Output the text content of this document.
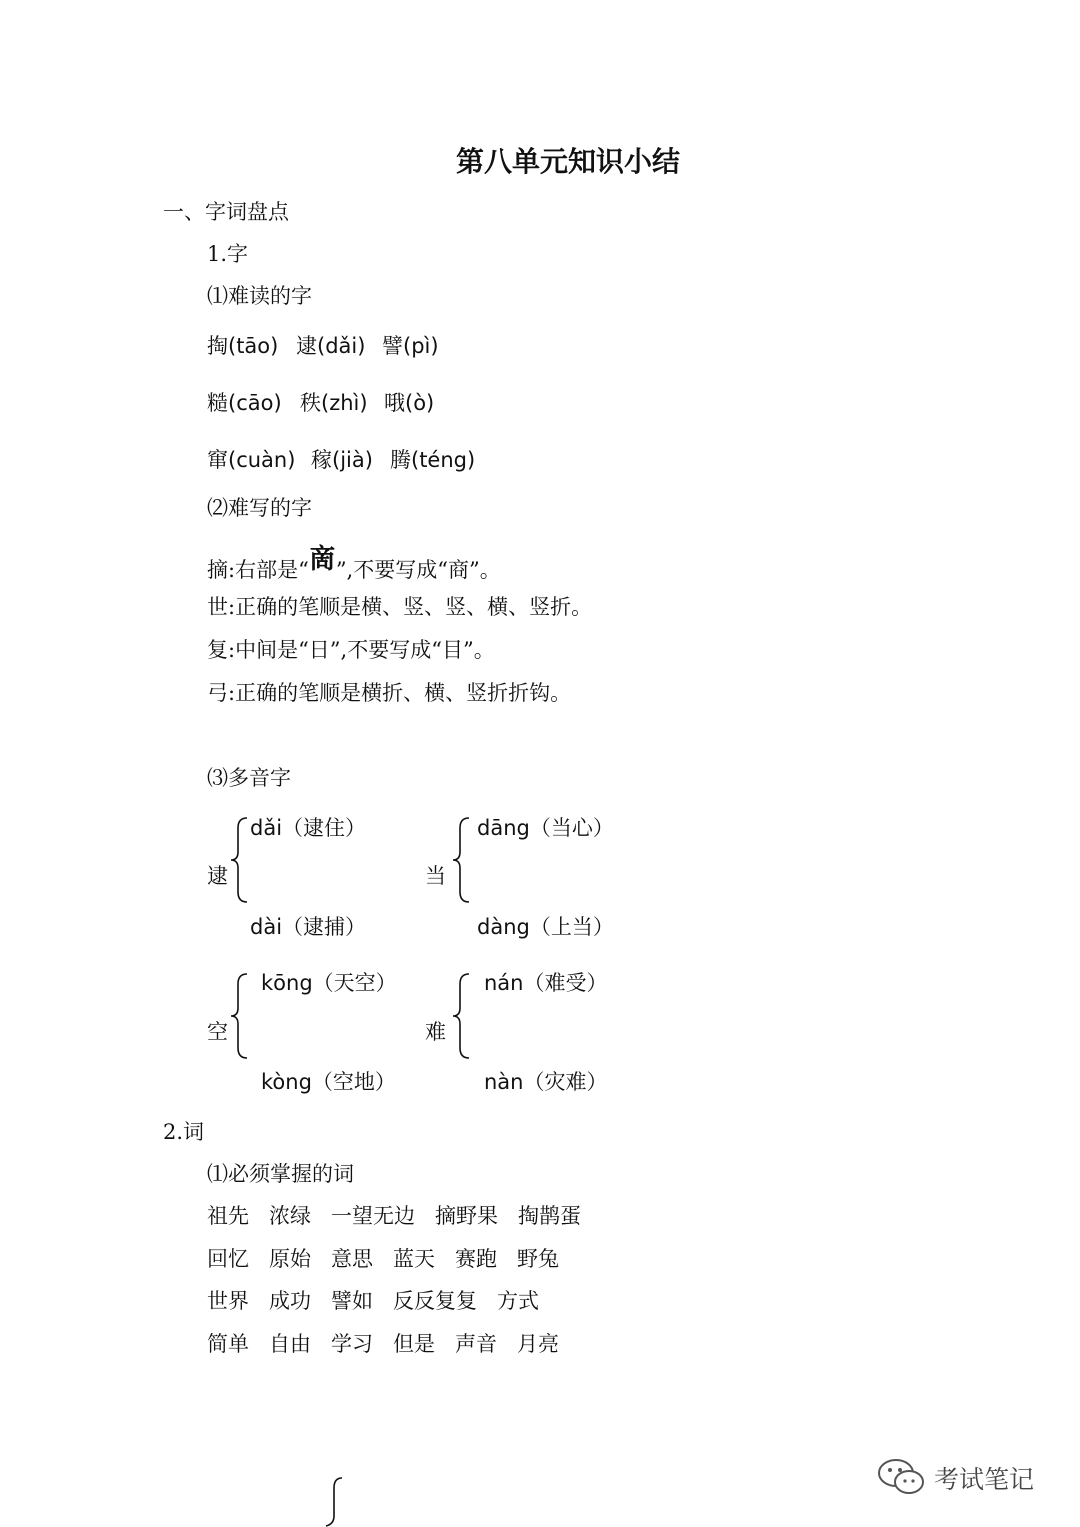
第八单元知识小结
一、字词盘点
1.字
⑴难读的字
掏(tāo) 逮(dǎi) 譬(pì)
糙(cāo) 秩(zhì) 哦(ò)
窜(cuàn) 稼(jià) 腾(téng)
⑵难写的字
摘:右部是“啇”,不要写成“商”。
世:正确的笔顺是横、竖、竖、横、竖折。
复:中间是“日”,不要写成“目”。
弓:正确的笔顺是横折、横、竖折折钩。
⑶多音字
逮
dǎi（逮住）
dài（逮捕）
当
dāng（当心）
dàng（上当）
空
kōng（天空）
kòng（空地）
难
nán（难受）
nàn（灾难）
2.词
⑴必须掌握的词
祖先 浓绿 一望无边 摘野果 掏鹊蛋
回忆 原始 意思 蓝天 赛跑 野兔
世界 成功 譬如 反反复复 方式
简单 自由 学习 但是 声音 月亮
考试笔记
